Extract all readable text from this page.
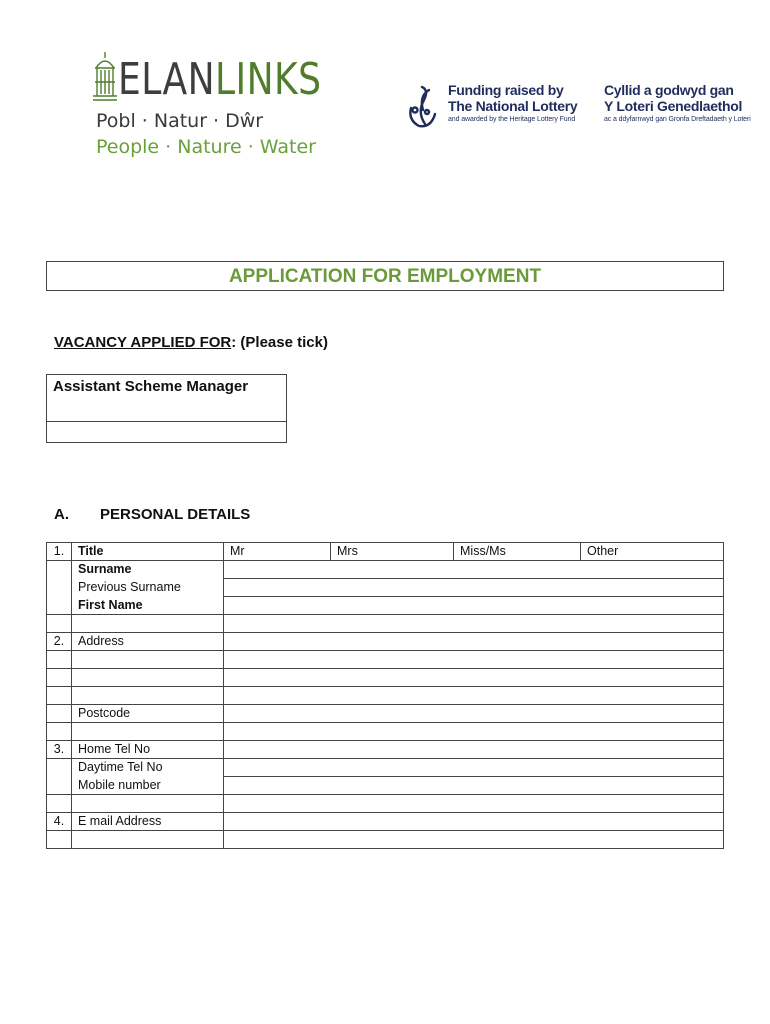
ELANLINKS
Pobl · Natur · Dŵr
People · Nature · Water
Funding raised by
The National Lottery
and awarded by the Heritage Lottery Fund
Cyllid a godwyd gan
Y Loteri Genedlaethol
ac a ddyfarnwyd gan Gronfa Dreftadaeth y Loteri
APPLICATION FOR EMPLOYMENT
VACANCY APPLIED FOR: (Please tick)
Assistant Scheme Manager

A. PERSONAL DETAILS
1.	Title	Mr	Mrs	Miss/Ms	Other
	Surname				
	Previous Surname				
	First Name				

2.	Address				

	Postcode				

3.	Home Tel No				
	Daytime Tel No				
	Mobile number				

4.	E mail Address				
